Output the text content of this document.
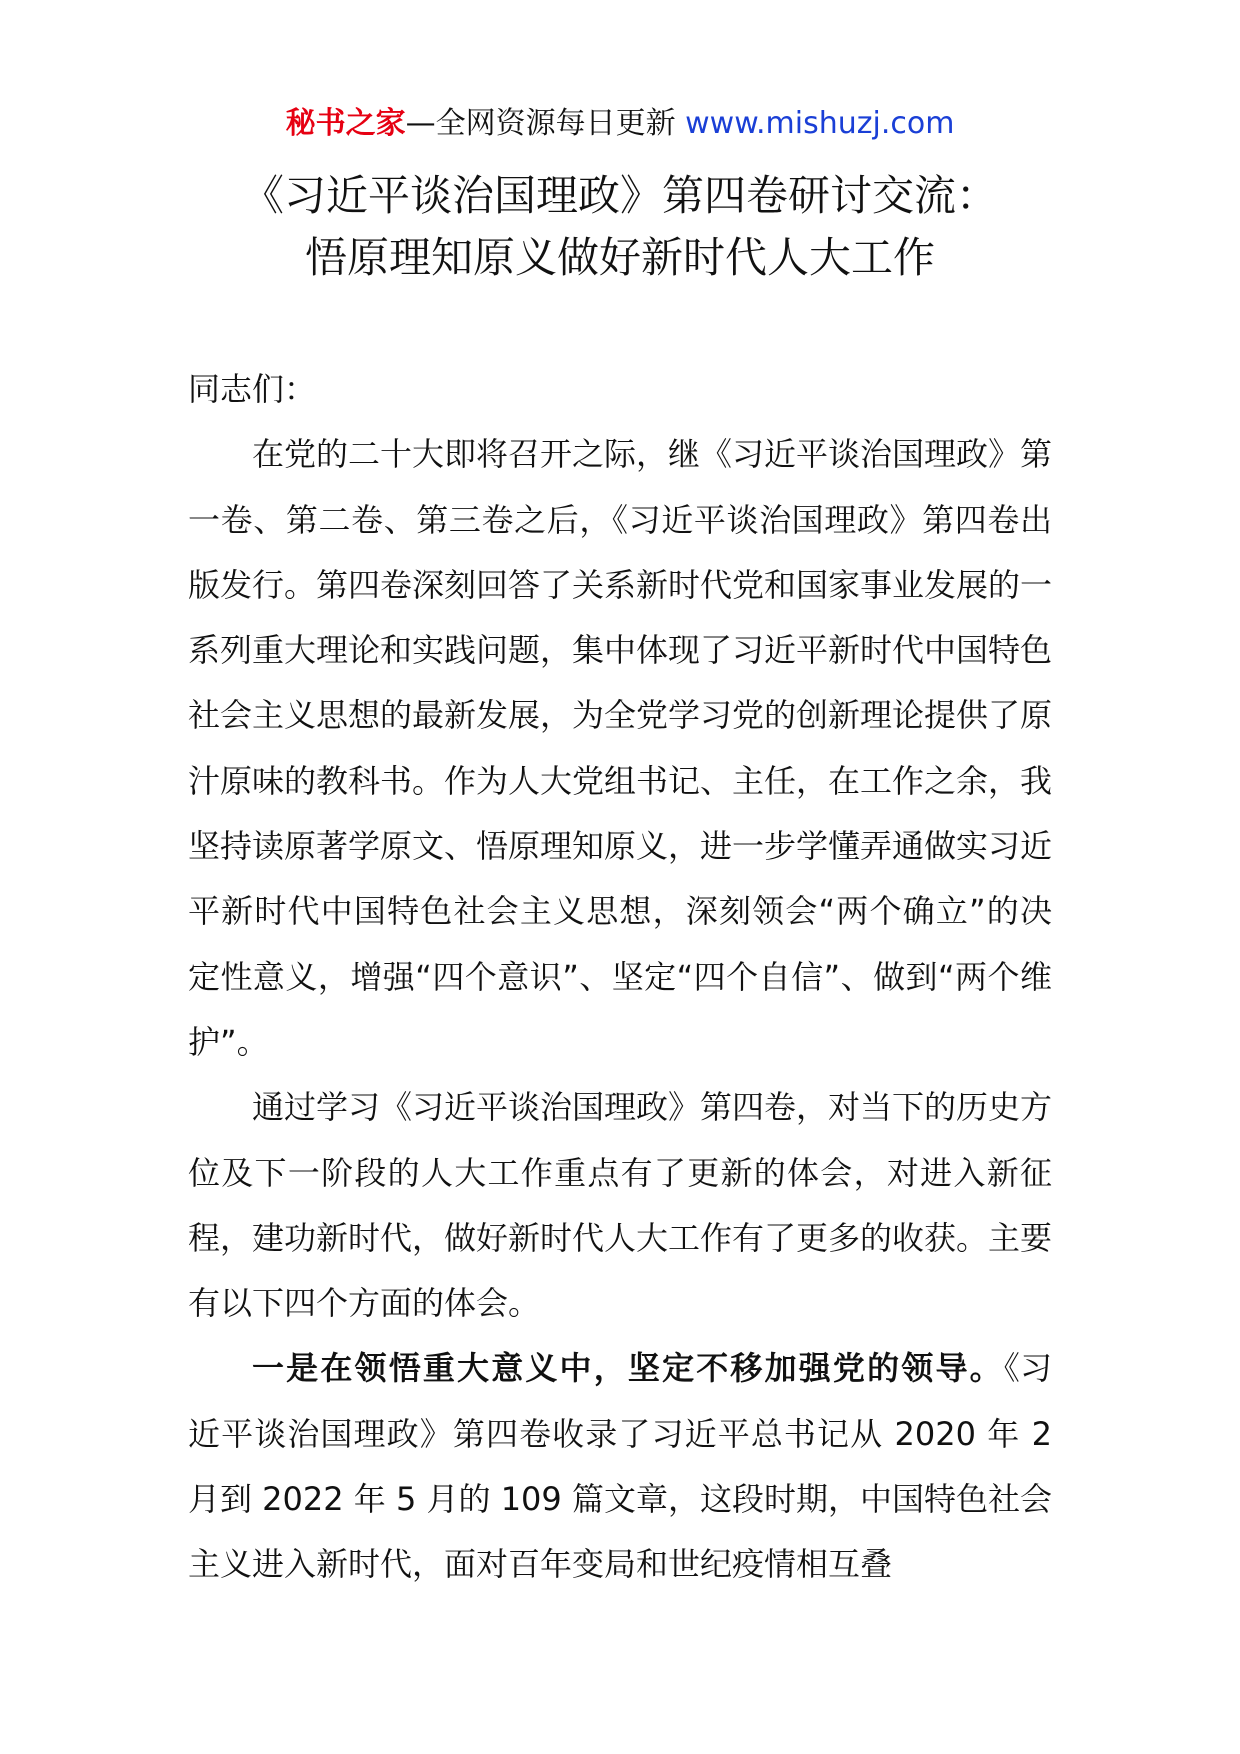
秘书之家—全网资源每日更新 www.mishuzj.com
《习近平谈治国理政》第四卷研讨交流：
悟原理知原义做好新时代人大工作

同志们：

在党的二十大即将召开之际，继《习近平谈治国理政》第一卷、第二卷、第三卷之后，《习近平谈治国理政》第四卷出版发行。第四卷深刻回答了关系新时代党和国家事业发展的一系列重大理论和实践问题，集中体现了习近平新时代中国特色社会主义思想的最新发展，为全党学习党的创新理论提供了原汁原味的教科书。作为人大党组书记、主任，在工作之余，我坚持读原著学原文、悟原理知原义，进一步学懂弄通做实习近平新时代中国特色社会主义思想，深刻领会“两个确立”的决定性意义，增强“四个意识”、坚定“四个自信”、做到“两个维护”。

通过学习《习近平谈治国理政》第四卷，对当下的历史方位及下一阶段的人大工作重点有了更新的体会，对进入新征程，建功新时代，做好新时代人大工作有了更多的收获。主要有以下四个方面的体会。

一是在领悟重大意义中，坚定不移加强党的领导。《习近平谈治国理政》第四卷收录了习近平总书记从 2020 年 2 月到 2022 年 5 月的 109 篇文章，这段时期，中国特色社会主义进入新时代，面对百年变局和世纪疫情相互叠
